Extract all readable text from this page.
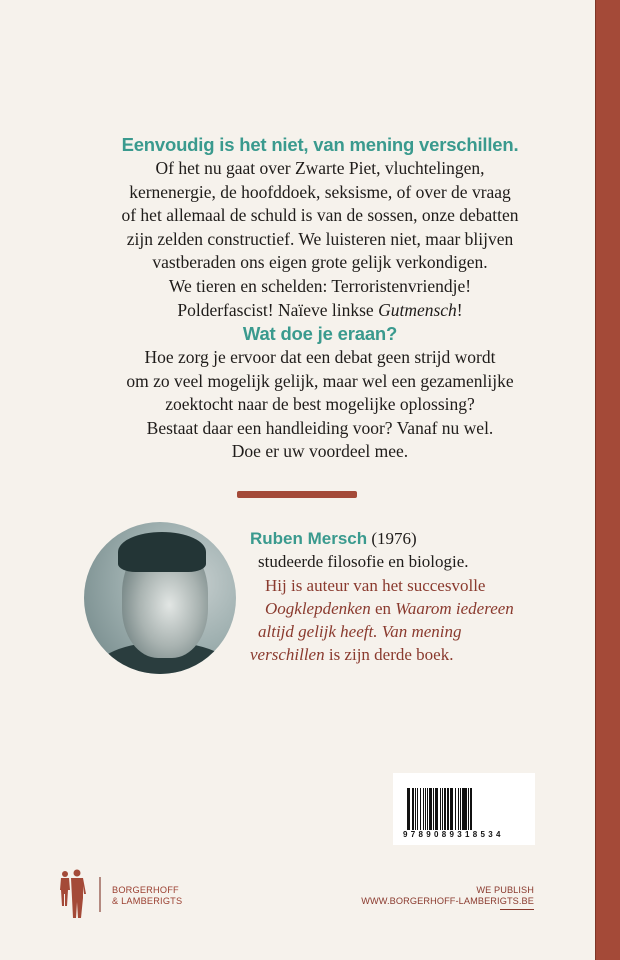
Eenvoudig is het niet, van mening verschillen.

Of het nu gaat over Zwarte Piet, vluchtelingen,
kernenergie, de hoofddoek, seksisme, of over de vraag
of het allemaal de schuld is van de sossen, onze debatten
zijn zelden constructief. We luisteren niet, maar blijven
vastberaden ons eigen grote gelijk verkondigen.
We tieren en schelden: Terroristenvriendje!
Polderfascist! Naïeve linkse Gutmensch!

Wat doe je eraan?

Hoe zorg je ervoor dat een debat geen strijd wordt
om zo veel mogelijk gelijk, maar wel een gezamenlijke
zoektocht naar de best mogelijke oplossing?
Bestaat daar een handleiding voor? Vanaf nu wel.
Doe er uw voordeel mee.

Ruben Mersch (1976)
studeerde filosofie en biologie.
Hij is auteur van het succesvolle
Oogklepdenken en Waarom iedereen
altijd gelijk heeft. Van mening
verschillen is zijn derde boek.
9789089318534
BORGERHOFF
& LAMBERIGTS
WE PUBLISH
WWW.BORGERHOFF-LAMBERIGTS.BE
